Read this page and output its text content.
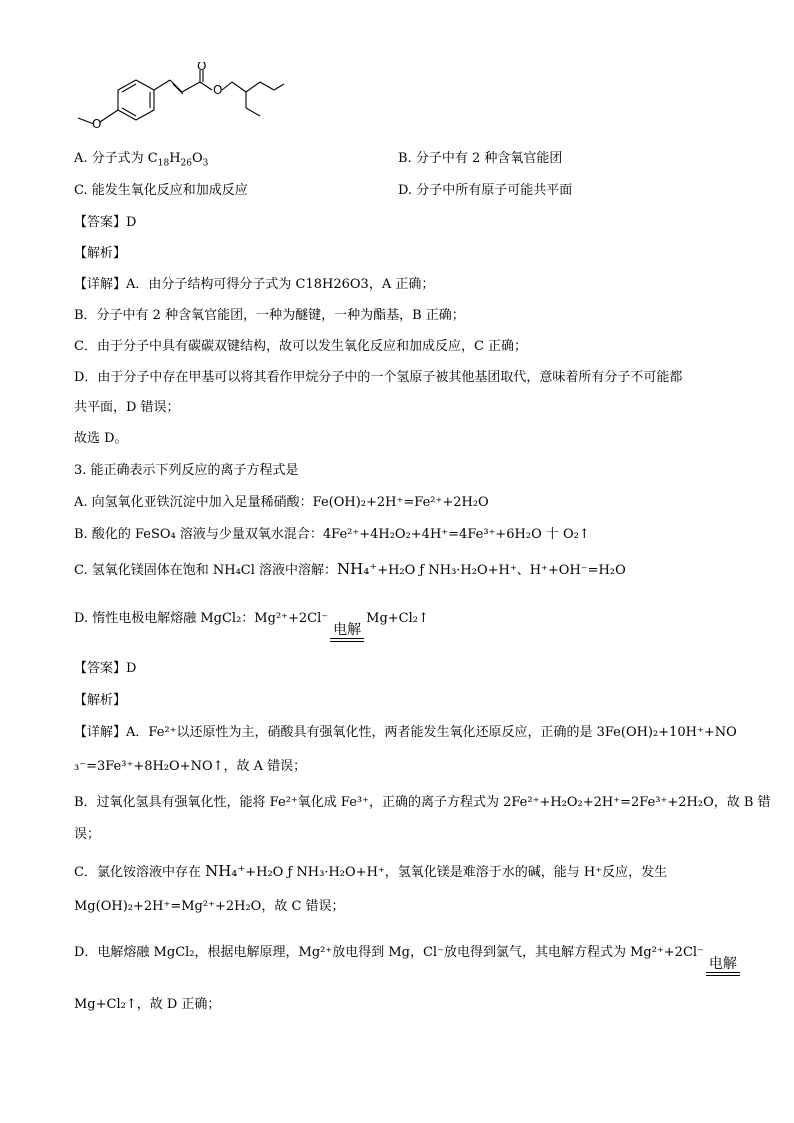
O
O
O
A. 分子式为 $C_{18}H_{26}O_3$	B. 分子中有 2 种含氧官能团
C. 能发生氧化反应和加成反应	D. 分子中所有原子可能共平面
【答案】D
【解析】
【详解】A．由分子结构可得分子式为 C18H26O3，A 正确；
B．分子中有 2 种含氧官能团，一种为醚键，一种为酯基，B 正确；
C．由于分子中具有碳碳双键结构，故可以发生氧化反应和加成反应，C 正确；
D．由于分子中存在甲基可以将其看作甲烷分子中的一个氢原子被其他基团取代，意味着所有分子不可能都
共平面，D 错误；
故选 D。
3. 能正确表示下列反应的离子方程式是
A. 向氢氧化亚铁沉淀中加入足量稀硝酸：Fe(OH)₂+2H⁺=Fe²⁺+2H₂O
B. 酸化的 FeSO₄ 溶液与少量双氧水混合：4Fe²⁺+4H₂O₂+4H⁺=4Fe³⁺+6H₂O 十 O₂↑
C. 氢氧化镁固体在饱和 NH₄Cl 溶液中溶解：NH₄⁺+H₂O ƒ NH₃·H₂O+H⁺、H⁺+OH⁻=H₂O
D. 惰性电极电解熔融 MgCl₂：Mg²⁺+2Cl⁻
电解
Mg+Cl₂↑
【答案】D
【解析】
【详解】A．Fe²⁺以还原性为主，硝酸具有强氧化性，两者能发生氧化还原反应，正确的是 3Fe(OH)₂+10H⁺+NO
₃⁻=3Fe³⁺+8H₂O+NO↑，故 A 错误；
B．过氧化氢具有强氧化性，能将 Fe²⁺氧化成 Fe³⁺，正确的离子方程式为 2Fe²⁺+H₂O₂+2H⁺=2Fe³⁺+2H₂O，故 B 错
误；
C．氯化铵溶液中存在 NH₄⁺+H₂O ƒ NH₃·H₂O+H⁺，氢氧化镁是难溶于水的碱，能与 H⁺反应，发生
Mg(OH)₂+2H⁺=Mg²⁺+2H₂O，故 C 错误；
D．电解熔融 MgCl₂，根据电解原理，Mg²⁺放电得到 Mg，Cl⁻放电得到氯气，其电解方程式为 Mg²⁺+2Cl⁻
电解
Mg+Cl₂↑，故 D 正确；
